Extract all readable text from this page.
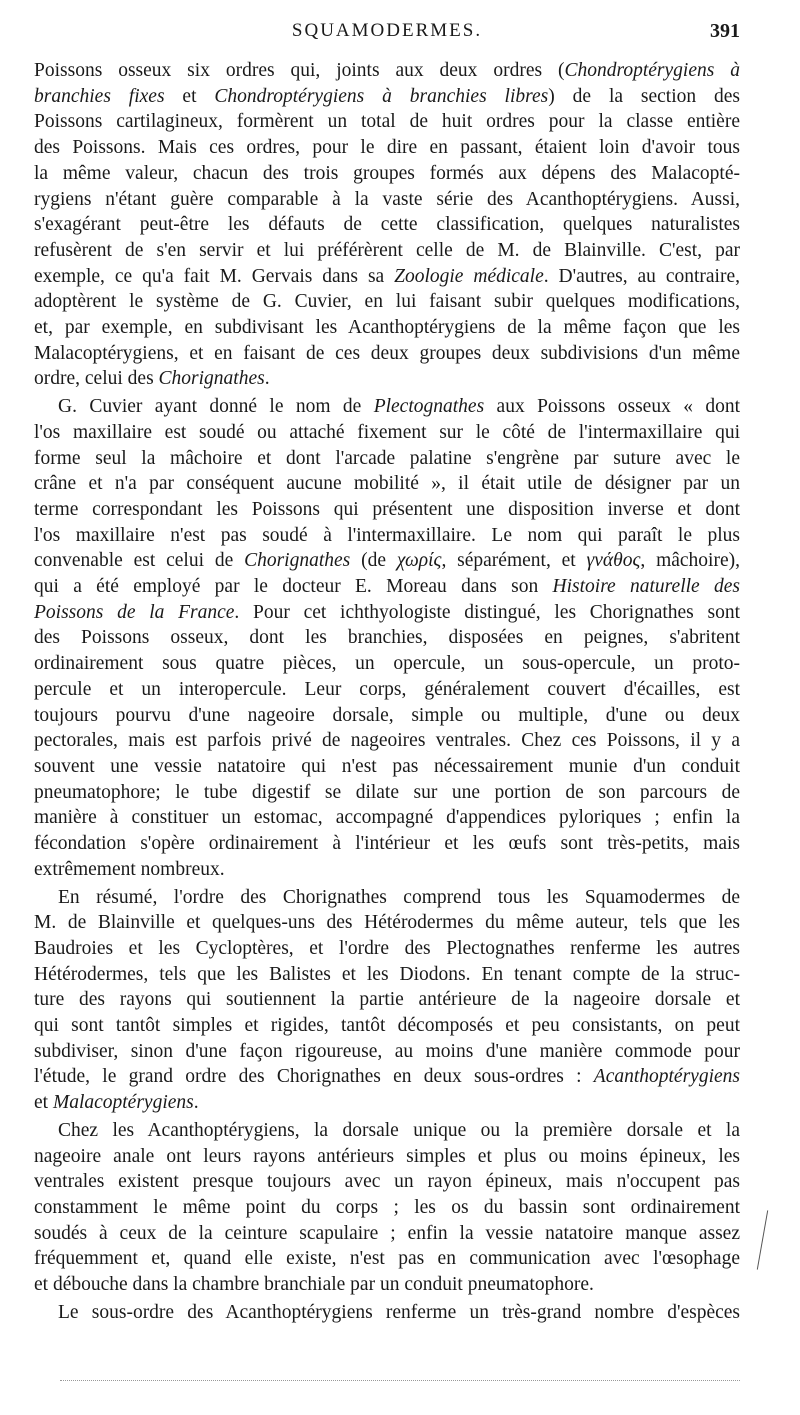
SQUAMODERMES.	391
Poissons osseux six ordres qui, joints aux deux ordres (Chondroptérygiens à
branchies fixes et Chondroptérygiens à branchies libres) de la section des
Poissons cartilagineux, formèrent un total de huit ordres pour la classe entière
des Poissons. Mais ces ordres, pour le dire en passant, étaient loin d'avoir tous
la même valeur, chacun des trois groupes formés aux dépens des Malacopté-
rygiens n'étant guère comparable à la vaste série des Acanthoptérygiens. Aussi,
s'exagérant peut-être les défauts de cette classification, quelques naturalistes
refusèrent de s'en servir et lui préférèrent celle de M. de Blainville. C'est, par
exemple, ce qu'a fait M. Gervais dans sa Zoologie médicale. D'autres, au contraire,
adoptèrent le système de G. Cuvier, en lui faisant subir quelques modifications,
et, par exemple, en subdivisant les Acanthoptérygiens de la même façon que les
Malacoptérygiens, et en faisant de ces deux groupes deux subdivisions d'un même
ordre, celui des Chorignathes.
G. Cuvier ayant donné le nom de Plectognathes aux Poissons osseux « dont
l'os maxillaire est soudé ou attaché fixement sur le côté de l'intermaxillaire qui
forme seul la mâchoire et dont l'arcade palatine s'engrène par suture avec le
crâne et n'a par conséquent aucune mobilité », il était utile de désigner par un
terme correspondant les Poissons qui présentent une disposition inverse et dont
l'os maxillaire n'est pas soudé à l'intermaxillaire. Le nom qui paraît le plus
convenable est celui de Chorignathes (de χωρίς, séparément, et γνάθος, mâchoire),
qui a été employé par le docteur E. Moreau dans son Histoire naturelle des
Poissons de la France. Pour cet ichthyologiste distingué, les Chorignathes sont
des Poissons osseux, dont les branchies, disposées en peignes, s'abritent
ordinairement sous quatre pièces, un opercule, un sous-opercule, un proto-
percule et un interopercule. Leur corps, généralement couvert d'écailles, est
toujours pourvu d'une nageoire dorsale, simple ou multiple, d'une ou deux
pectorales, mais est parfois privé de nageoires ventrales. Chez ces Poissons, il y a
souvent une vessie natatoire qui n'est pas nécessairement munie d'un conduit
pneumatophore; le tube digestif se dilate sur une portion de son parcours de
manière à constituer un estomac, accompagné d'appendices pyloriques ; enfin la
fécondation s'opère ordinairement à l'intérieur et les œufs sont très-petits, mais
extrêmement nombreux.
En résumé, l'ordre des Chorignathes comprend tous les Squamodermes de
M. de Blainville et quelques-uns des Hétérodermes du même auteur, tels que les
Baudroies et les Cycloptères, et l'ordre des Plectognathes renferme les autres
Hétérodermes, tels que les Balistes et les Diodons. En tenant compte de la struc-
ture des rayons qui soutiennent la partie antérieure de la nageoire dorsale et
qui sont tantôt simples et rigides, tantôt décomposés et peu consistants, on peut
subdiviser, sinon d'une façon rigoureuse, au moins d'une manière commode pour
l'étude, le grand ordre des Chorignathes en deux sous-ordres : Acanthoptérygiens
et Malacoptérygiens.
Chez les Acanthoptérygiens, la dorsale unique ou la première dorsale et la
nageoire anale ont leurs rayons antérieurs simples et plus ou moins épineux, les
ventrales existent presque toujours avec un rayon épineux, mais n'occupent pas
constamment le même point du corps ; les os du bassin sont ordinairement
soudés à ceux de la ceinture scapulaire ; enfin la vessie natatoire manque assez
fréquemment et, quand elle existe, n'est pas en communication avec l'œsophage
et débouche dans la chambre branchiale par un conduit pneumatophore.
Le sous-ordre des Acanthoptérygiens renferme un très-grand nombre d'espèces
